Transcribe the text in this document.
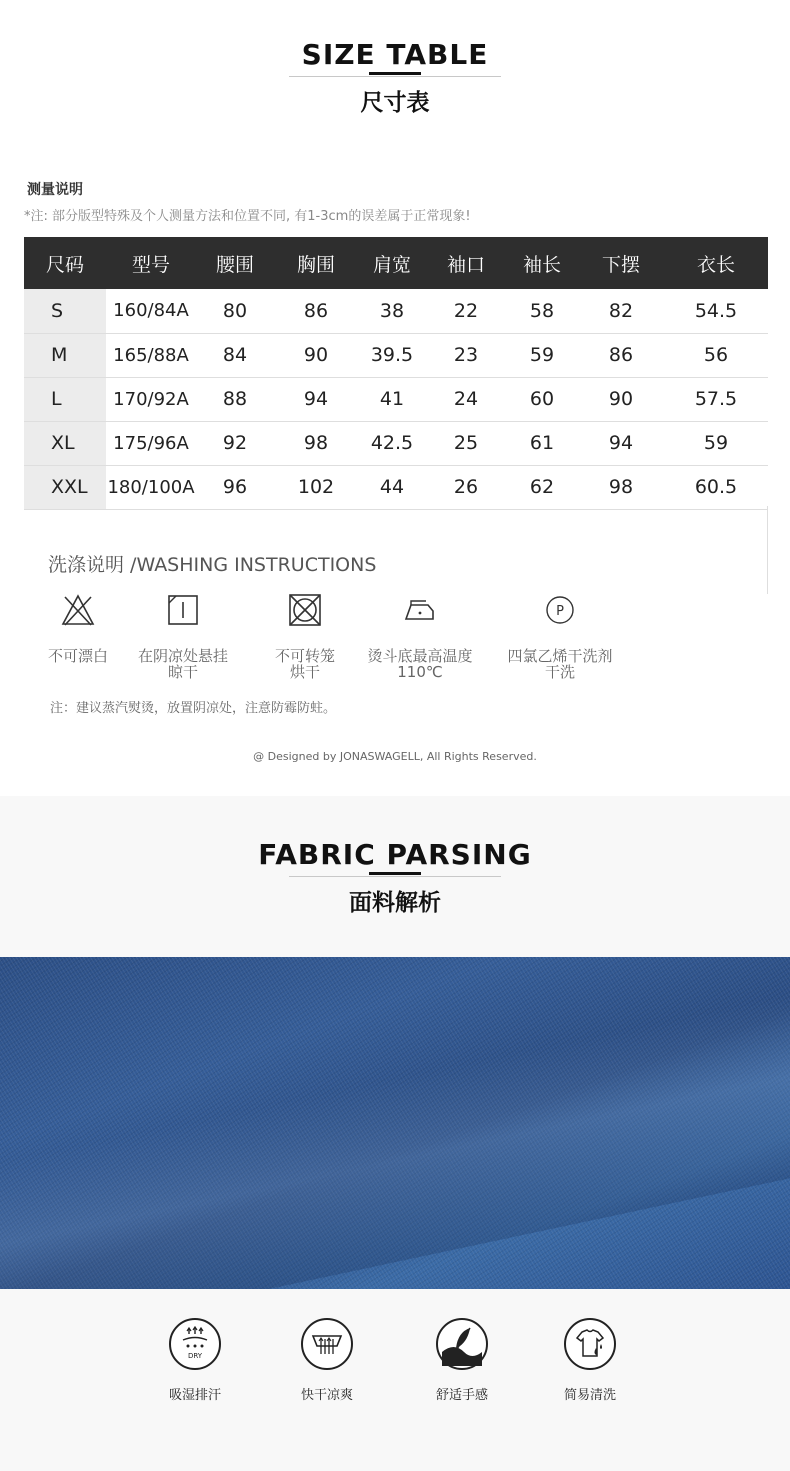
SIZE TABLE
尺寸表
测量说明
*注: 部分版型特殊及个人测量方法和位置不同, 有1-3cm的误差属于正常现象!
尺码	型号	腰围	胸围	肩宽	袖口	袖长	下摆	衣长
S	160/84A	80	86	38	22	58	82	54.5
M	165/88A	84	90	39.5	23	59	86	56
L	170/92A	88	94	41	24	60	90	57.5
XL	175/96A	92	98	42.5	25	61	94	59
XXL	180/100A	96	102	44	26	62	98	60.5
洗涤说明 /WASHING INSTRUCTIONS
不可漂白	在阴凉处悬挂
晾干
不可转笼
烘干
烫斗底最高温度
110℃
P
四氯乙烯干洗剂
干洗
注：建议蒸汽熨烫，放置阴凉处，注意防霉防蛀。
@ Designed by JONASWAGELL, All Rights Reserved.
FABRIC PARSING
面料解析
DRY
吸湿排汗	快干凉爽	舒适手感	简易清洗
